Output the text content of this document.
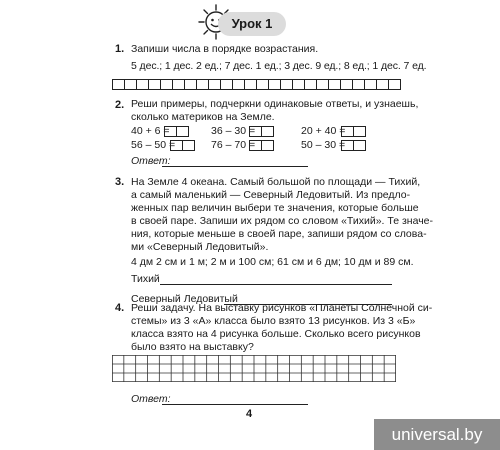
Урок 1
1. Запиши числа в порядке возрастания.
5 дес.; 1 дес. 2 ед.; 7 дес. 1 ед.; 3 дес. 9 ед.; 8 ед.; 1 дес. 7 ед.
2. Реши примеры, подчеркни одинаковые ответы, и узнаешь,
сколько материков на Земле.
40 + 6 =	36 – 30 =	20 + 40 =
56 – 50 =	76 – 70 =	50 – 30 =
Ответ:
3. На Земле 4 океана. Самый большой по площади — Тихий,
а самый маленький — Северный Ледовитый. Из предло-
женных пар величин выбери те значения, которые больше
в своей паре. Запиши их рядом со словом «Тихий». Те значе-
ния, которые меньше в своей паре, запиши рядом со слова-
ми «Северный Ледовитый».
4 дм 2 см и 1 м; 2 м и 100 см; 61 см и 6 дм; 10 дм и 89 см.
Тихий
Северный Ледовитый
4. Реши задачу. На выставку рисунков «Планеты Солнечной си-
стемы» из 3 «А» класса было взято 13 рисунков. Из 3 «Б»
класса взято на 4 рисунка больше. Сколько всего рисунков
было взято на выставку?
Ответ:
4
universal.by
